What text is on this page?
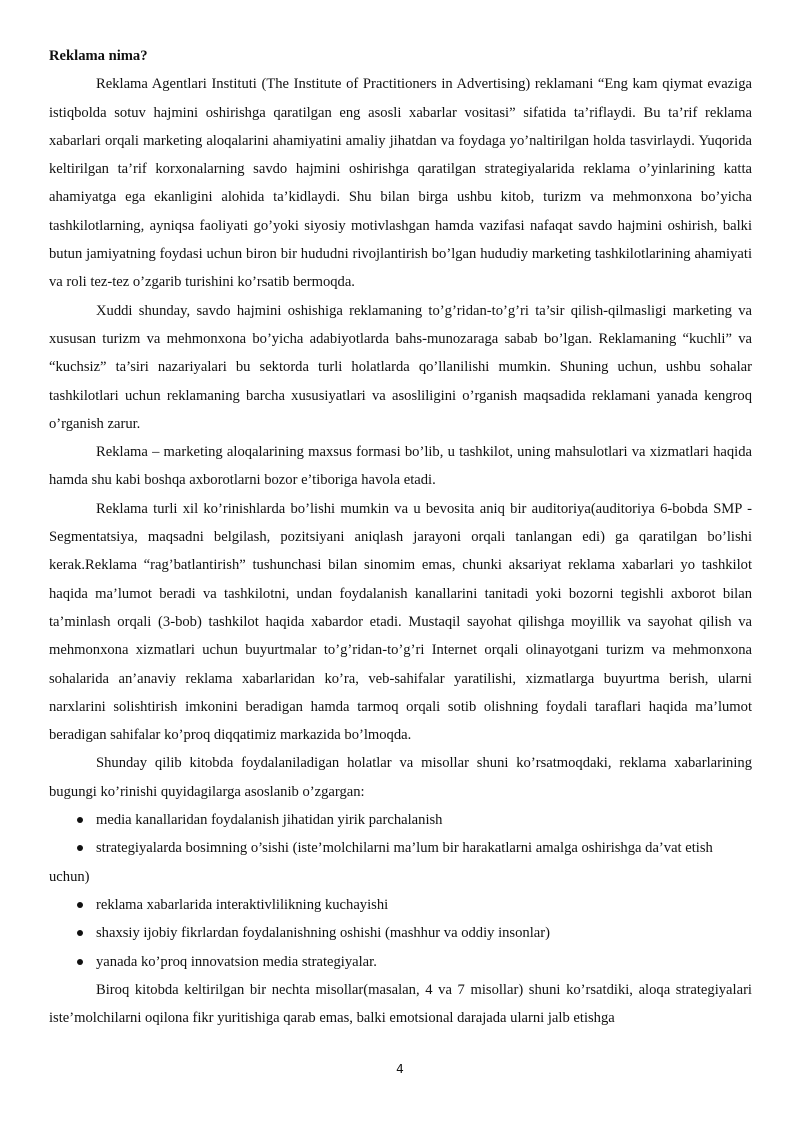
Reklama nima?

Reklama Agentlari Instituti (The Institute of Practitioners in Advertising) reklamani “Eng kam qiymat evaziga istiqbolda sotuv hajmini oshirishga qaratilgan eng asosli xabarlar vositasi” sifatida ta’riflaydi. Bu ta’rif reklama xabarlari orqali marketing aloqalarini ahamiyatini amaliy jihatdan va foydaga yo’naltirilgan holda tasvirlaydi. Yuqorida keltirilgan ta’rif korxonalarning savdo hajmini oshirishga qaratilgan strategiyalarida reklama o’yinlarining katta ahamiyatga ega ekanligini alohida ta’kidlaydi. Shu bilan birga ushbu kitob, turizm va mehmonxona bo’yicha tashkilotlarning, ayniqsa faoliyati go’yoki siyosiy motivlashgan hamda vazifasi nafaqat savdo hajmini oshirish, balki butun jamiyatning foydasi uchun biron bir hududni rivojlantirish bo’lgan hududiy marketing tashkilotlarining ahamiyati va roli tez-tez o’zgarib turishini ko’rsatib bermoqda.

Xuddi shunday, savdo hajmini oshishiga reklamaning to’g’ridan-to’g’ri ta’sir qilish-qilmasligi marketing va xususan turizm va mehmonxona bo’yicha adabiyotlarda bahs-munozaraga sabab bo’lgan. Reklamaning “kuchli” va “kuchsiz” ta’siri nazariyalari bu sektorda turli holatlarda qo’llanilishi mumkin. Shuning uchun, ushbu sohalar tashkilotlari uchun reklamaning barcha xususiyatlari va asosliligini o’rganish maqsadida reklamani yanada kengroq o’rganish zarur.

Reklama – marketing aloqalarining maxsus formasi bo’lib, u tashkilot, uning mahsulotlari va xizmatlari haqida hamda shu kabi boshqa axborotlarni bozor e’tiboriga havola etadi.

Reklama turli xil ko’rinishlarda bo’lishi mumkin va u bevosita aniq bir auditoriya(auditoriya 6-bobda SMP - Segmentatsiya, maqsadni belgilash, pozitsiyani aniqlash jarayoni orqali tanlangan edi) ga qaratilgan bo’lishi kerak.Reklama “rag’batlantirish” tushunchasi bilan sinomim emas, chunki aksariyat reklama xabarlari yo tashkilot haqida ma’lumot beradi va tashkilotni, undan foydalanish kanallarini tanitadi yoki bozorni tegishli axborot bilan ta’minlash orqali (3-bob) tashkilot haqida xabardor etadi. Mustaqil sayohat qilishga moyillik va sayohat qilish va mehmonxona xizmatlari uchun buyurtmalar to’g’ridan-to’g’ri Internet orqali olinayotgani turizm va mehmonxona sohalarida an’anaviy reklama xabarlaridan ko’ra, veb-sahifalar yaratilishi, xizmatlarga buyurtma berish, ularni narxlarini solishtirish imkonini beradigan hamda tarmoq orqali sotib olishning foydali taraflari haqida ma’lumot beradigan sahifalar ko’proq diqqatimiz markazida bo’lmoqda.

Shunday qilib kitobda foydalaniladigan holatlar va misollar shuni ko’rsatmoqdaki, reklama xabarlarining bugungi ko’rinishi quyidagilarga asoslanib o’zgargan:

media kanallaridan foydalanish jihatidan yirik parchalanish
strategiyalarda bosimning o’sishi (iste’molchilarni ma’lum bir harakatlarni amalga oshirishga da’vat etish uchun)
reklama xabarlarida interaktivlilikning kuchayishi
shaxsiy ijobiy fikrlardan foydalanishning oshishi (mashhur va oddiy insonlar)
yanada ko’proq innovatsion media strategiyalar.

Biroq kitobda keltirilgan bir nechta misollar(masalan, 4 va 7 misollar) shuni ko’rsatdiki, aloqa strategiyalari iste’molchilarni oqilona fikr yuritishiga qarab emas, balki emotsional darajada ularni jalb etishga

4
